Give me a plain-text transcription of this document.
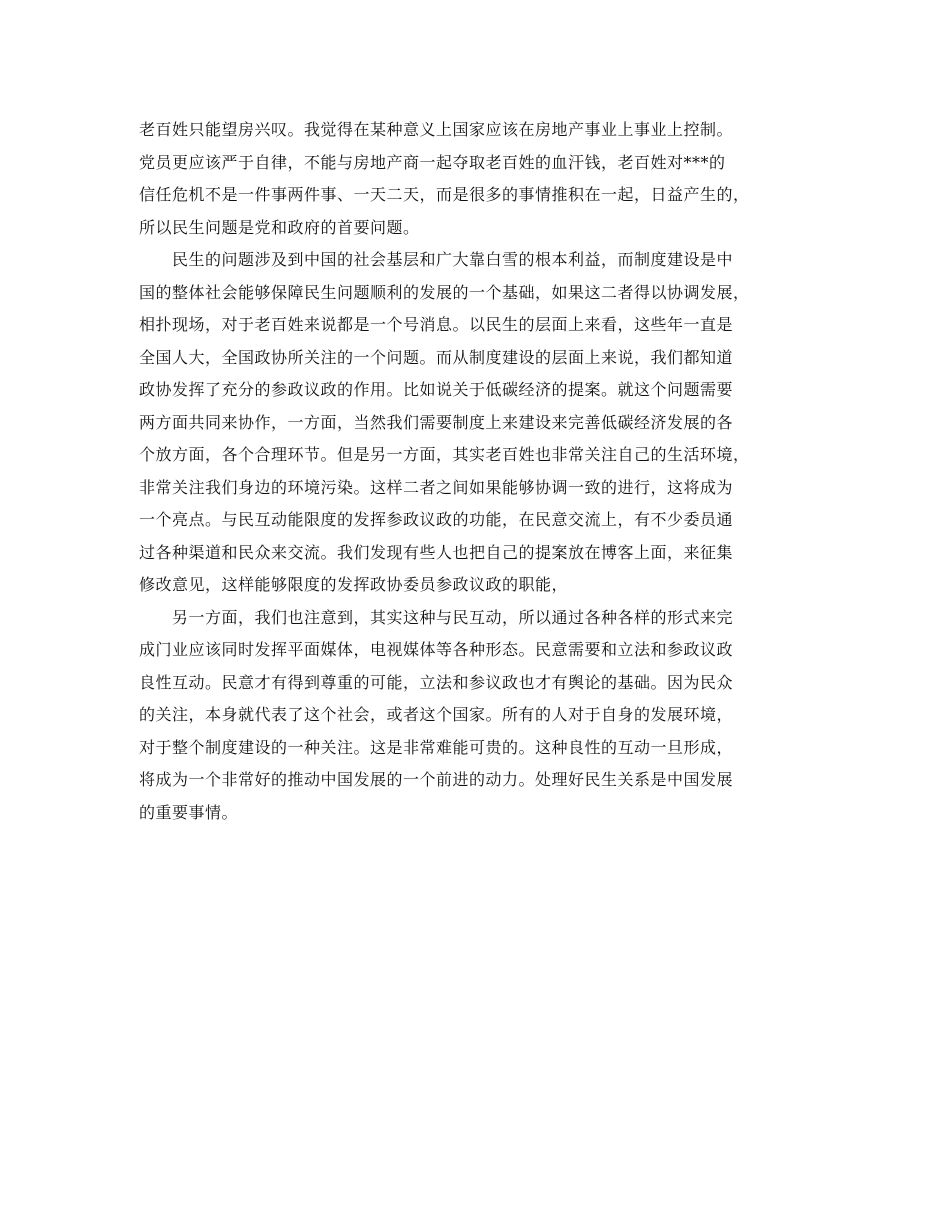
老百姓只能望房兴叹。我觉得在某种意义上国家应该在房地产事业上事业上控制。
党员更应该严于自律，不能与房地产商一起夺取老百姓的血汗钱，老百姓对***的
信任危机不是一件事两件事、一天二天，而是很多的事情推积在一起，日益产生的，
所以民生问题是党和政府的首要问题。
民生的问题涉及到中国的社会基层和广大靠白雪的根本利益，而制度建设是中
国的整体社会能够保障民生问题顺利的发展的一个基础，如果这二者得以协调发展，
相扑现场，对于老百姓来说都是一个号消息。以民生的层面上来看，这些年一直是
全国人大，全国政协所关注的一个问题。而从制度建设的层面上来说，我们都知道
政协发挥了充分的参政议政的作用。比如说关于低碳经济的提案。就这个问题需要
两方面共同来协作，一方面，当然我们需要制度上来建设来完善低碳经济发展的各
个放方面，各个合理环节。但是另一方面，其实老百姓也非常关注自己的生活环境，
非常关注我们身边的环境污染。这样二者之间如果能够协调一致的进行，这将成为
一个亮点。与民互动能限度的发挥参政议政的功能，在民意交流上，有不少委员通
过各种渠道和民众来交流。我们发现有些人也把自己的提案放在博客上面，来征集
修改意见，这样能够限度的发挥政协委员参政议政的职能，
另一方面，我们也注意到，其实这种与民互动，所以通过各种各样的形式来完
成门业应该同时发挥平面媒体，电视媒体等各种形态。民意需要和立法和参政议政
良性互动。民意才有得到尊重的可能，立法和参议政也才有舆论的基础。因为民众
的关注，本身就代表了这个社会，或者这个国家。所有的人对于自身的发展环境，
对于整个制度建设的一种关注。这是非常难能可贵的。这种良性的互动一旦形成，
将成为一个非常好的推动中国发展的一个前进的动力。处理好民生关系是中国发展
的重要事情。
